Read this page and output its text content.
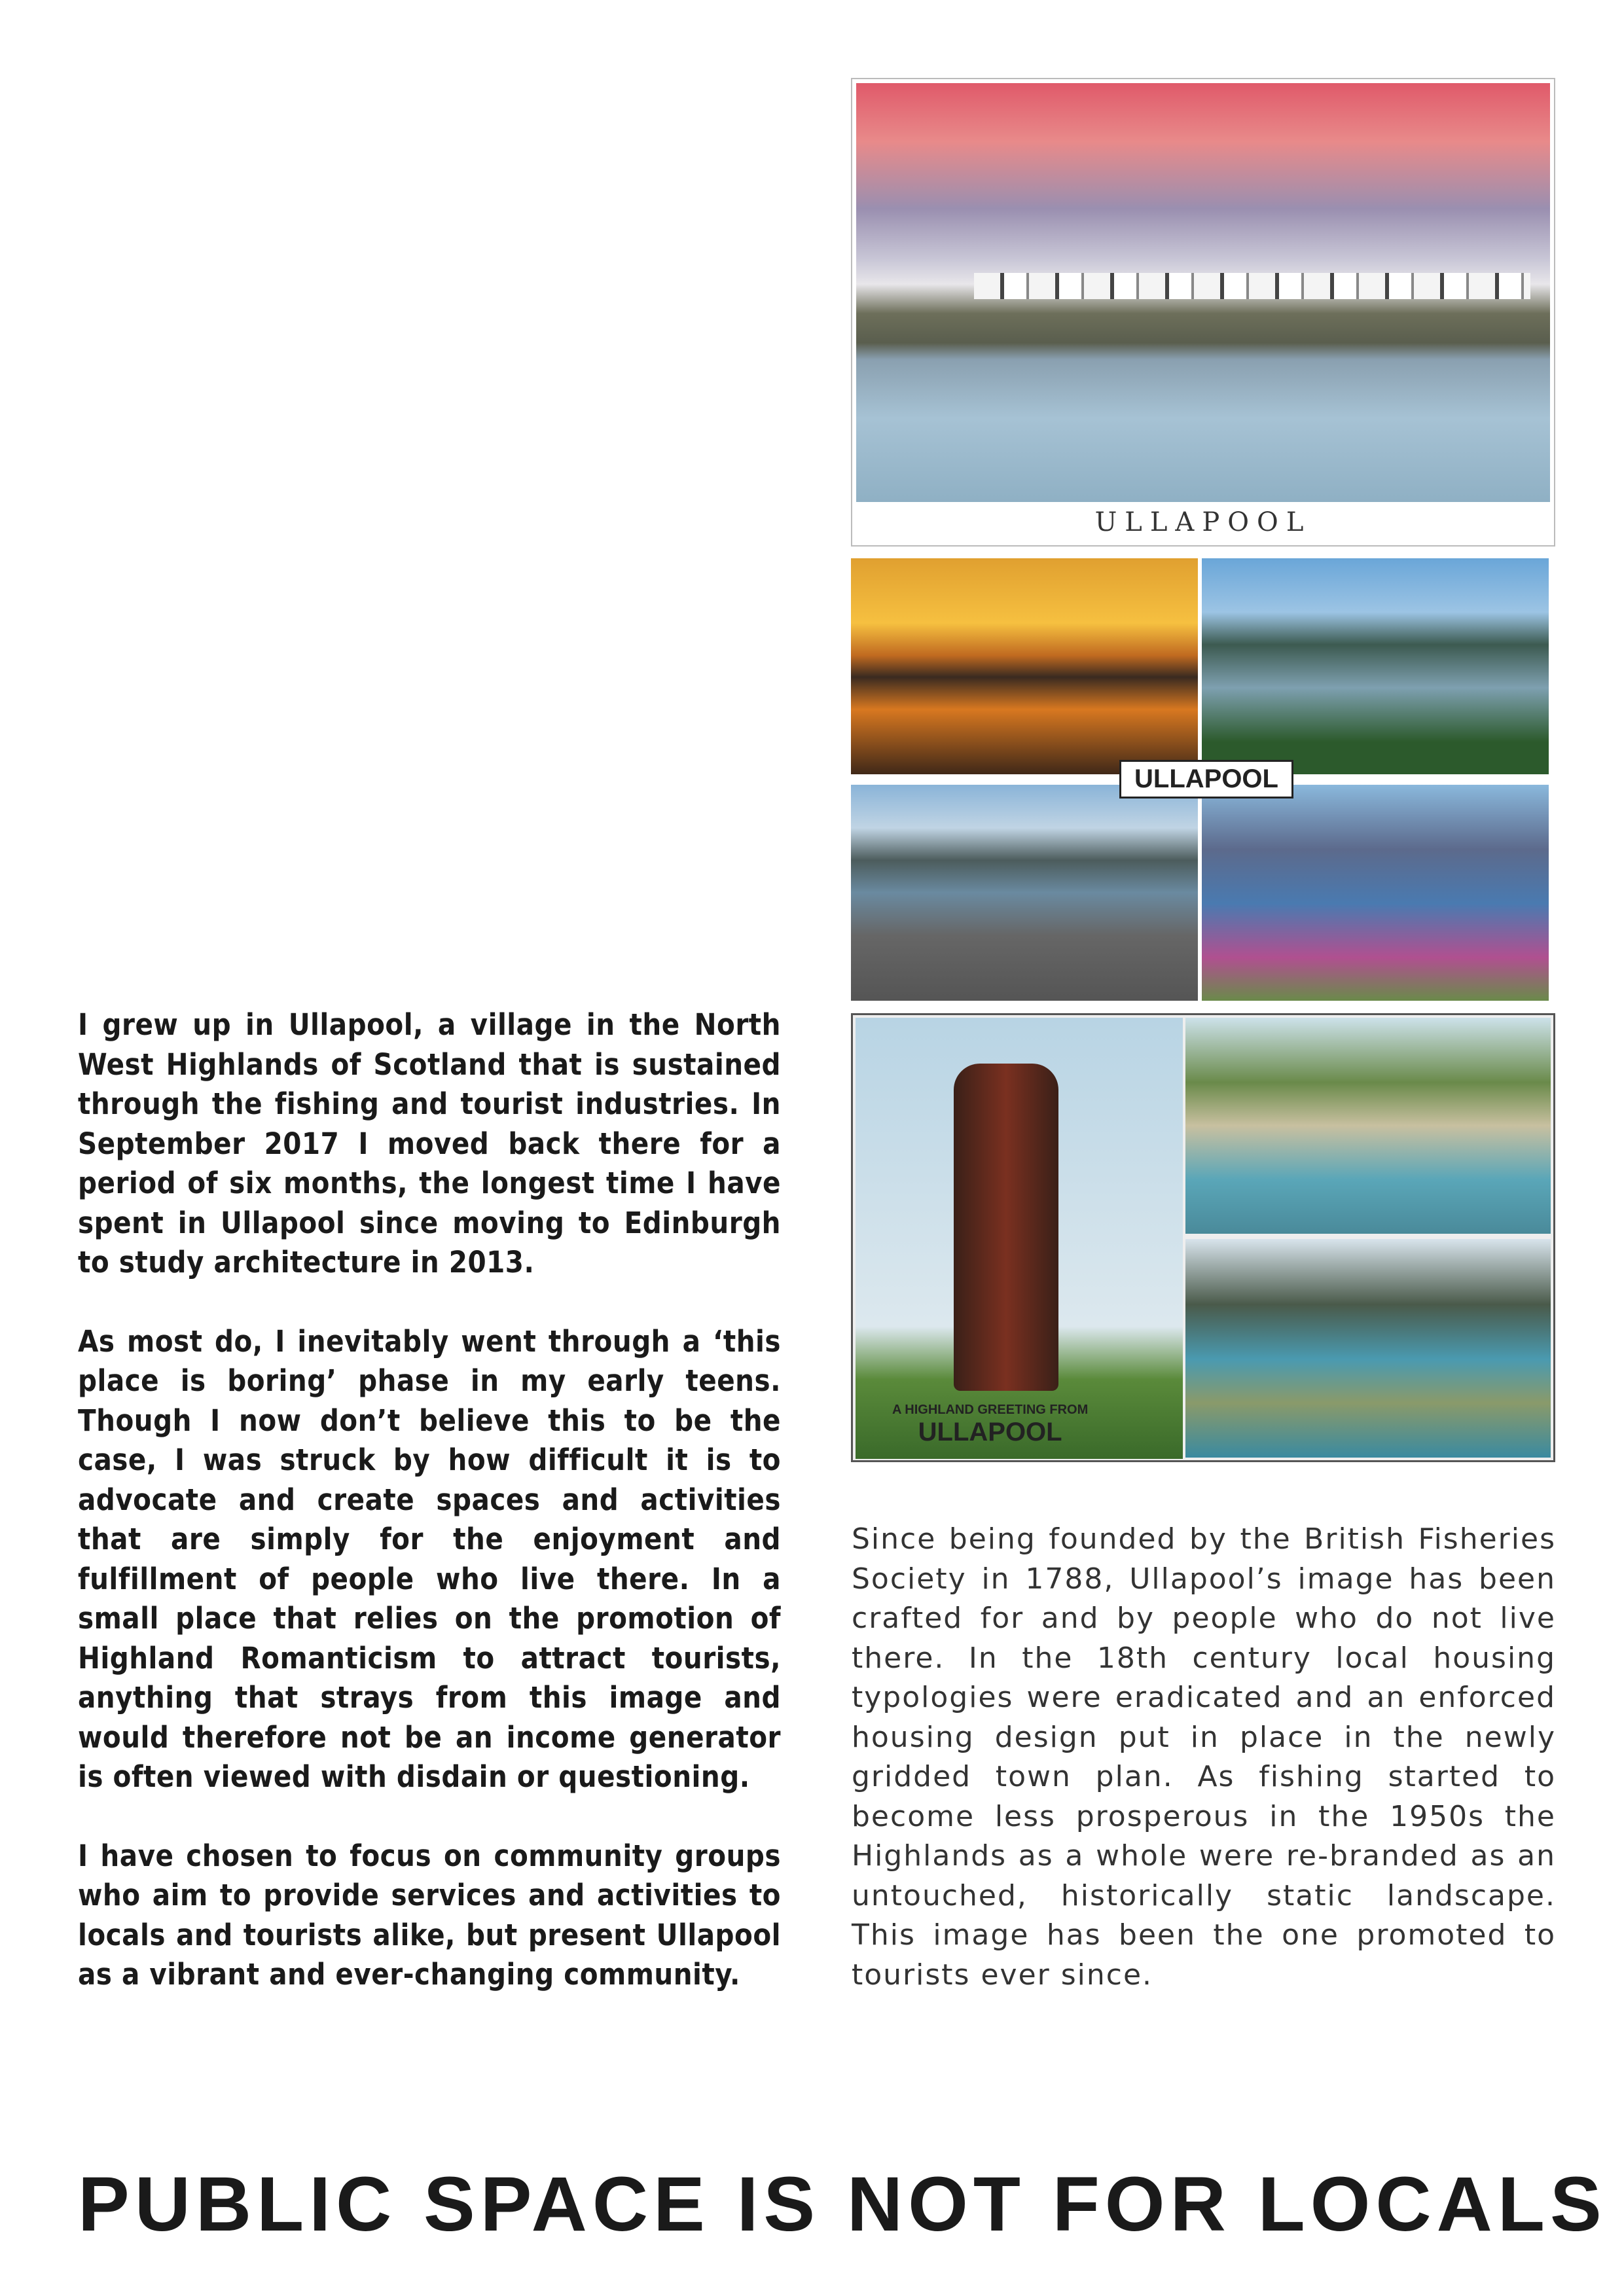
I grew up in Ullapool, a village in the North West Highlands of Scotland that is sustained through the fishing and tourist industries. In September 2017 I moved back there for a period of six months, the longest time I have spent in Ullapool since moving to Edinburgh to study architecture in 2013.

As most do, I inevitably went through a ‘this place is boring’ phase in my early teens. Though I now don’t believe this to be the case, I was struck by how difficult it is to advocate and create spaces and activities that are simply for the enjoyment and fulfillment of people who live there. In a small place that relies on the promotion of Highland Romanticism to attract tourists, anything that strays from this image and would therefore not be an income generator is often viewed with disdain or questioning.

I have chosen to focus on community groups who aim to provide services and activities to locals and tourists alike, but present Ullapool as a vibrant and ever-changing community.

Since being founded by the British Fisheries Society in 1788, Ullapool’s image has been crafted for and by people who do not live there. In the 18th century local housing typologies were eradicated and an enforced housing design put in place in the newly gridded town plan. As fishing started to become less prosperous in the 1950s the Highlands as a whole were re-branded as an untouched, historically static landscape. This image has been the one promoted to tourists ever since.

ULLAPOOL
ULLAPOOL
A HIGHLAND GREETING FROM
ULLAPOOL
PUBLIC SPACE IS NOT FOR LOCALS
